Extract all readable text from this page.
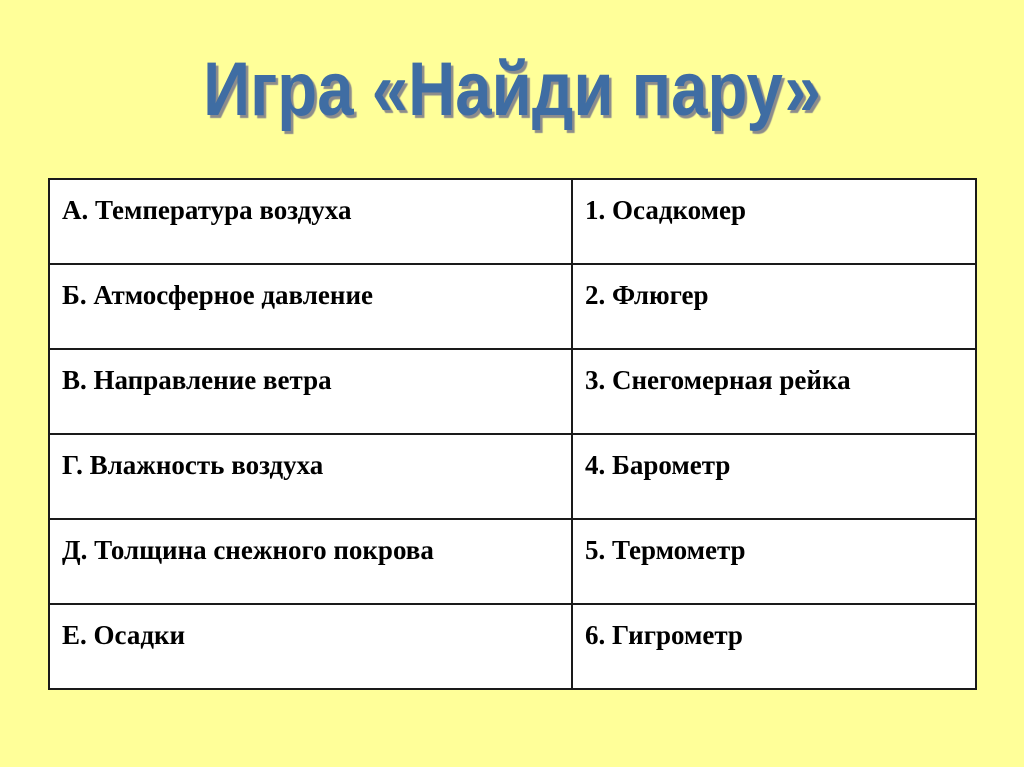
Игра «Найди пару»
А. Температура воздуха	1. Осадкомер
Б. Атмосферное давление	2. Флюгер
В. Направление ветра	3. Снегомерная рейка
Г. Влажность воздуха	4. Барометр
Д. Толщина снежного покрова	5. Термометр
Е. Осадки	6. Гигрометр
